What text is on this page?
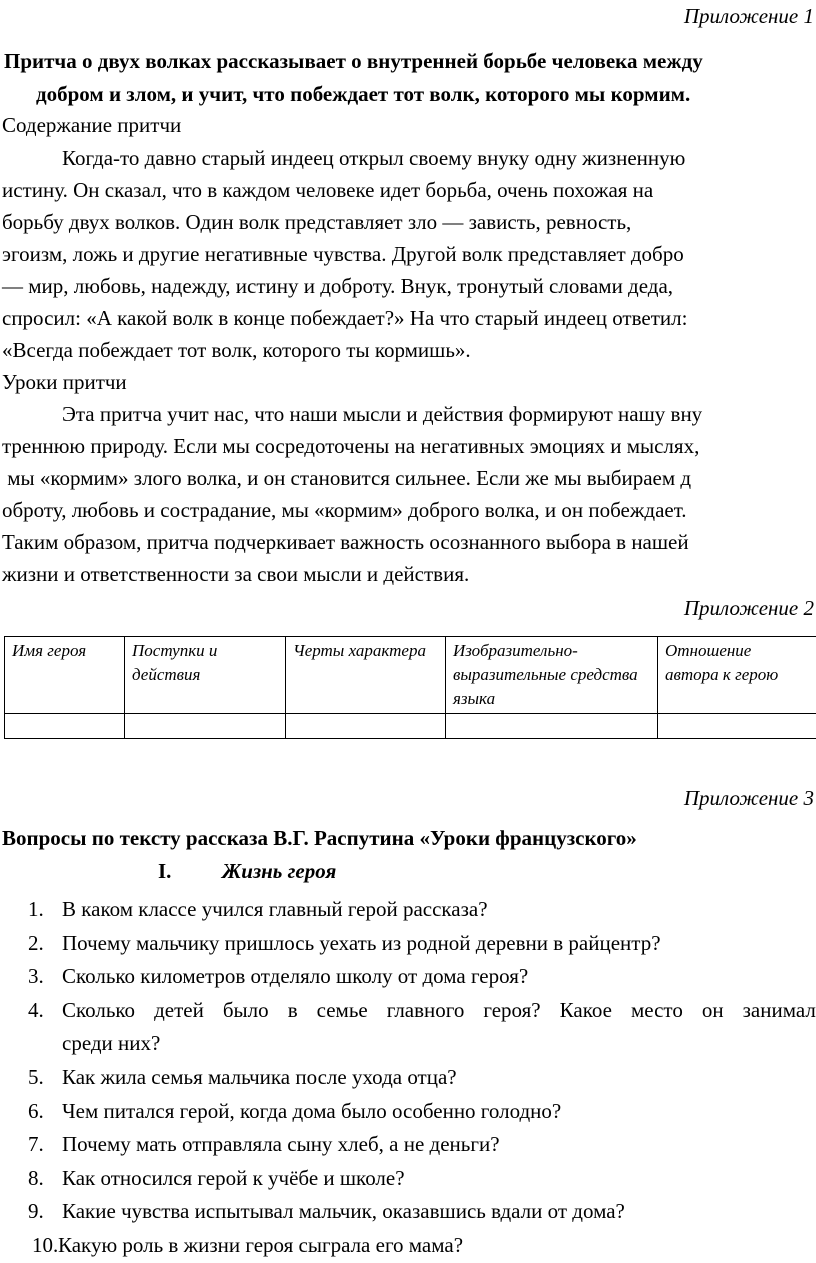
Приложение 1
Притча о двух волках рассказывает о внутренней борьбе человека между
добром и злом, и учит, что побеждает тот волк, которого мы кормим.
Содержание притчи
Когда-то давно старый индеец открыл своему внуку одну жизненную
истину. Он сказал, что в каждом человеке идет борьба, очень похожая на
борьбу двух волков. Один волк представляет зло — зависть, ревность,
эгоизм, ложь и другие негативные чувства. Другой волк представляет добро
— мир, любовь, надежду, истину и доброту. Внук, тронутый словами деда,
спросил: «А какой волк в конце побеждает?» На что старый индеец ответил:
«Всегда побеждает тот волк, которого ты кормишь».
Уроки притчи
Эта притча учит нас, что наши мысли и действия формируют нашу вну
треннюю природу. Если мы сосредоточены на негативных эмоциях и мыслях,
мы «кормим» злого волка, и он становится сильнее. Если же мы выбираем д
оброту, любовь и сострадание, мы «кормим» доброго волка, и он побеждает.
Таким образом, притча подчеркивает важность осознанного выбора в нашей
жизни и ответственности за свои мысли и действия.
Приложение 2
Имя героя	Поступки и действия	Черты характера	Изобразительно-выразительные средства языка	Отношение автора к герою

Приложение 3
Вопросы по тексту рассказа В.Г. Распутина «Уроки французского»
I. Жизнь героя
1. В каком классе учился главный герой рассказа?
2. Почему мальчику пришлось уехать из родной деревни в райцентр?
3. Сколько километров отделяло школу от дома героя?
4. Сколько детей было в семье главного героя? Какое место он занимал
среди них?
5. Как жила семья мальчика после ухода отца?
6. Чем питался герой, когда дома было особенно голодно?
7. Почему мать отправляла сыну хлеб, а не деньги?
8. Как относился герой к учёбе и школе?
9. Какие чувства испытывал мальчик, оказавшись вдали от дома?
10. Какую роль в жизни героя сыграла его мама?
